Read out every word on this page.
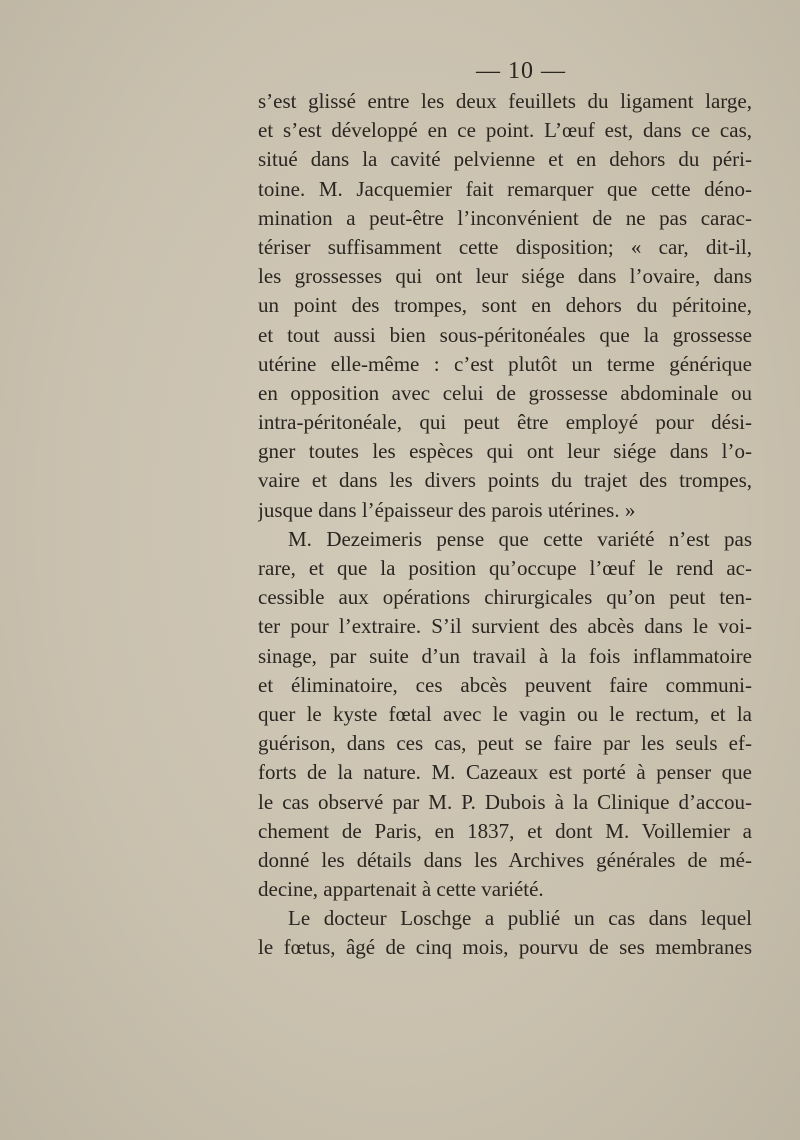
— 10 —
s’est glissé entre les deux feuillets du ligament large,
et s’est développé en ce point. L’œuf est, dans ce cas,
situé dans la cavité pelvienne et en dehors du péri-
toine. M. Jacquemier fait remarquer que cette déno-
mination a peut-être l’inconvénient de ne pas carac-
tériser suffisamment cette disposition; « car, dit-il,
les grossesses qui ont leur siége dans l’ovaire, dans
un point des trompes, sont en dehors du péritoine,
et tout aussi bien sous-péritonéales que la grossesse
utérine elle-même : c’est plutôt un terme générique
en opposition avec celui de grossesse abdominale ou
intra-péritonéale, qui peut être employé pour dési-
gner toutes les espèces qui ont leur siége dans l’o-
vaire et dans les divers points du trajet des trompes,
jusque dans l’épaisseur des parois utérines. »
M. Dezeimeris pense que cette variété n’est pas
rare, et que la position qu’occupe l’œuf le rend ac-
cessible aux opérations chirurgicales qu’on peut ten-
ter pour l’extraire. S’il survient des abcès dans le voi-
sinage, par suite d’un travail à la fois inflammatoire
et éliminatoire, ces abcès peuvent faire communi-
quer le kyste fœtal avec le vagin ou le rectum, et la
guérison, dans ces cas, peut se faire par les seuls ef-
forts de la nature. M. Cazeaux est porté à penser que
le cas observé par M. P. Dubois à la Clinique d’accou-
chement de Paris, en 1837, et dont M. Voillemier a
donné les détails dans les Archives générales de mé-
decine, appartenait à cette variété.
Le docteur Loschge a publié un cas dans lequel
le fœtus, âgé de cinq mois, pourvu de ses membranes
